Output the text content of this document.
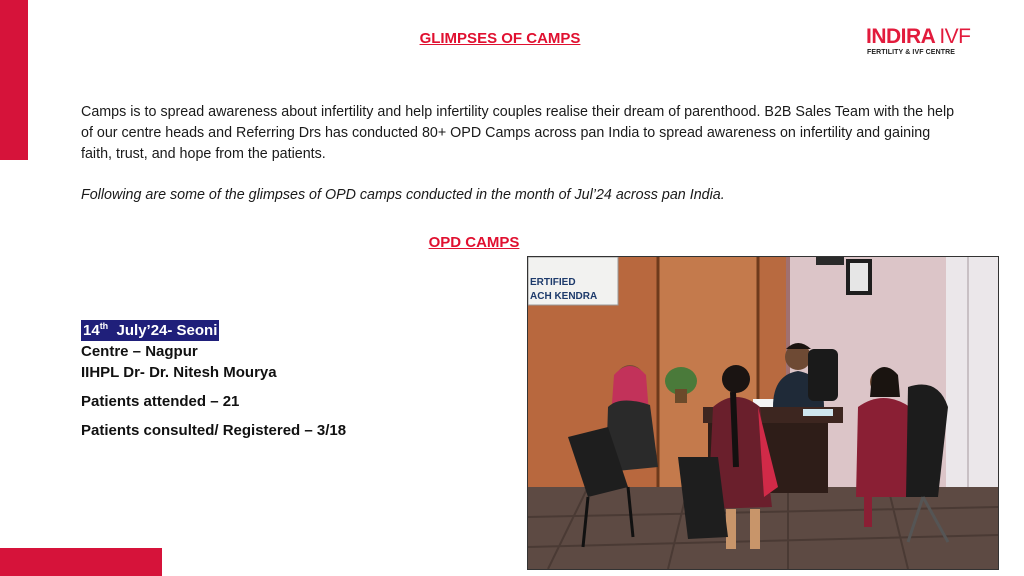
GLIMPSES OF CAMPS	INDIRA IVF
FERTILITY & IVF CENTRE

Camps is to spread awareness about infertility and help infertility couples realise their dream of parenthood. B2B Sales Team with the help of our centre heads and Referring Drs has conducted 80+ OPD Camps across pan India to spread awareness on infertility and gaining faith, trust, and hope from the patients.

Following are some of the glimpses of OPD camps conducted in the month of Jul’24 across pan India.

OPD CAMPS
14th  July’24- Seoni
Centre – Nagpur
IIHPL Dr- Dr. Nitesh Mourya
Patients attended – 21
Patients consulted/ Registered – 3/18
ERTIFIED
ACH KENDRA
